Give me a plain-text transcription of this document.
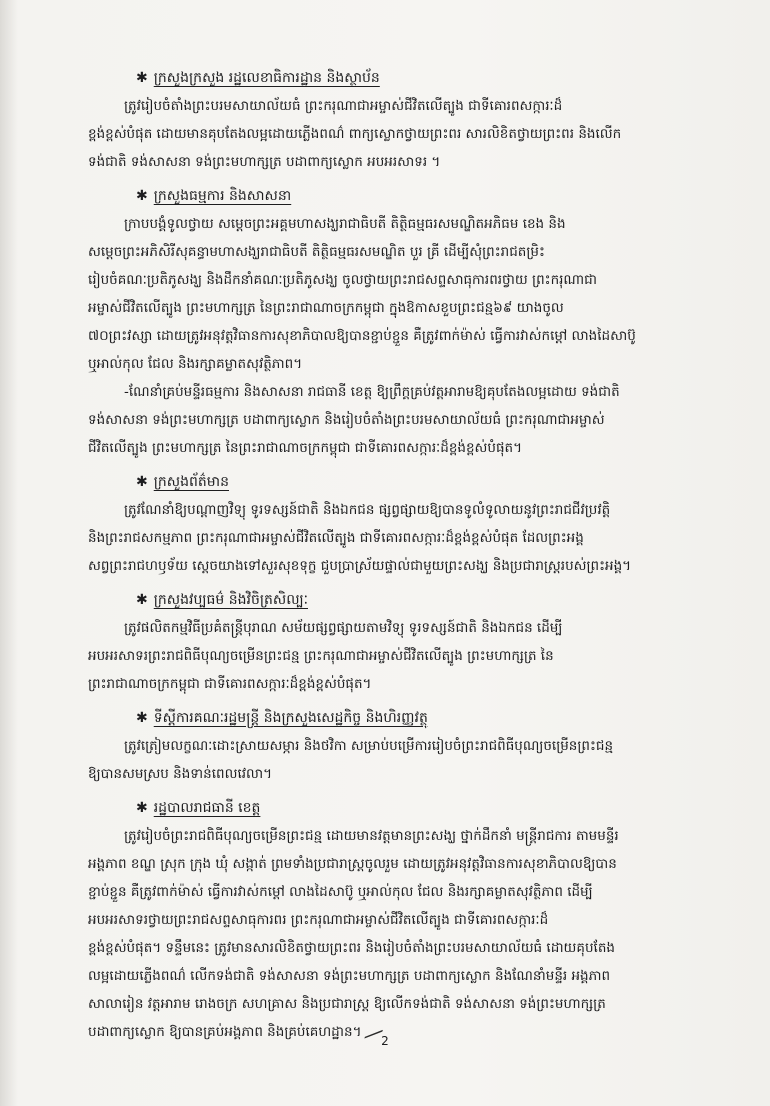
✱ ក្រសួងក្រសួង រដ្ឋលេខាធិការដ្ឋាន និងស្ថាប័ន

ត្រូវរៀបចំតាំងព្រះបរមសាយាល័យធំ ព្រះករុណាជាអម្ចាស់ជីវិតលើត្បូង ជាទីគោរពសក្ការៈដ៏
ខ្ពង់ខ្ពស់បំផុត ដោយមានគុបតែងលម្អដោយភ្លើងពណ៌ ពាក្យស្លោកថ្វាយព្រះពរ សារលិខិតថ្វាយព្រះពរ និងលើក
ទង់ជាតិ ទង់សាសនា ទង់ព្រះមហាក្សត្រ បដាពាក្យស្លោក អបអរសាទរ ។

✱ ក្រសួងធម្មការ និងសាសនា

ក្រាបបង្គំទូលថ្វាយ សម្ដេចព្រះអគ្គមហាសង្ឃរាជាធិបតី តិត្ថិធម្មធរសមណ្ឌិតអភិធម ខេង និង
សម្ដេចព្រះអភិសិរីសុគន្ធាមហាសង្ឃរាជាធិបតី តិត្ថិធម្មធរសមណ្ឌិត បួរ គ្រី ដើម្បីសុំព្រះរាជតម្រិះ
រៀបចំគណៈប្រតិភូសង្ឃ និងដឹកនាំគណៈប្រតិភូសង្ឃ ចូលថ្វាយព្រះរាជសព្ទសាធុការពរថ្វាយ ព្រះករុណាជា
អម្ចាស់ជីវិតលើត្បូង ព្រះមហាក្សត្រ នៃព្រះរាជាណាចក្រកម្ពុជា ក្នុងឱកាសខួបព្រះជន្ម៦៩ យាងចូល
៧០ព្រះវស្សា ដោយត្រូវអនុវត្តវិធានការសុខាភិបាលឱ្យបានខ្ជាប់ខ្ជួន គឺត្រូវពាក់ម៉ាស់ ធ្វើការវាស់កម្ដៅ លាងដៃសាប៊ូ
ឬអាល់កុល ជែល និងរក្សាគម្លាតសុវត្ថិភាព។

-ណែនាំគ្រប់មន្ទីរធម្មការ និងសាសនា រាជធានី ខេត្ត ឱ្យព្រឹក្គគ្រប់វត្តអារាមឱ្យគុបតែងលម្អដោយ ទង់ជាតិ
ទង់សាសនា ទង់ព្រះមហាក្សត្រ បដាពាក្យស្លោក និងរៀបចំតាំងព្រះបរមសាយាល័យធំ ព្រះករុណាជាអម្ចាស់
ជីវិតលើត្បូង ព្រះមហាក្សត្រ នៃព្រះរាជាណាចក្រកម្ពុជា ជាទីគោរពសក្ការៈដ៏ខ្ពង់ខ្ពស់បំផុត។

✱ ក្រសួងព័ត៌មាន

ត្រូវណែនាំឱ្យបណ្ដាញវិទ្យុ ទូរទស្សន៍ជាតិ និងឯកជន ផ្សព្វផ្សាយឱ្យបានទូលំទូលាយនូវព្រះរាជជីវប្រវត្តិ
និងព្រះរាជសកម្មភាព ព្រះករុណាជាអម្ចាស់ជីវិតលើត្បូង ជាទីគោរពសក្ការៈដ៏ខ្ពង់ខ្ពស់បំផុត ដែលព្រះអង្គ
សព្វព្រះរាជហឫទ័យ ស្ដេចយាងទៅសួរសុខទុក្ខ ជួបប្រាស្រ័យផ្ទាល់ជាមួយព្រះសង្ឃ និងប្រជារាស្ត្ររបស់ព្រះអង្គ។

✱ ក្រសួងវប្បធម៌ និងវិចិត្រសិល្បៈ

ត្រូវផលិតកម្មវិធីប្រគំតន្ត្រីបុរាណ សម័យផ្សព្វផ្សាយតាមវិទ្យុ ទូរទស្សន៍ជាតិ និងឯកជន ដើម្បី
អបអរសាទរព្រះរាជពិធីបុណ្យចម្រើនព្រះជន្ម ព្រះករុណាជាអម្ចាស់ជីវិតលើត្បូង ព្រះមហាក្សត្រ នៃ
ព្រះរាជាណាចក្រកម្ពុជា ជាទីគោរពសក្ការៈដ៏ខ្ពង់ខ្ពស់បំផុត។

✱ ទីស្ដីការគណៈរដ្ឋមន្ត្រី និងក្រសួងសេដ្ឋកិច្ច និងហិរញ្ញវត្ថុ

ត្រូវត្រៀមលក្ខណៈដោះស្រាយសម្ភារ និងថវិកា សម្រាប់បម្រើការរៀបចំព្រះរាជពិធីបុណ្យចម្រើនព្រះជន្ម
ឱ្យបានសមស្រប និងទាន់ពេលវេលា។

✱ រដ្ឋបាលរាជធានី ខេត្ត

ត្រូវរៀបចំព្រះរាជពិធីបុណ្យចម្រើនព្រះជន្ម ដោយមានវត្តមានព្រះសង្ឃ ថ្នាក់ដឹកនាំ មន្ត្រីរាជការ តាមមន្ទីរ
អង្គភាព ខណ្ឌ ស្រុក ក្រុង ឃុំ សង្កាត់ ព្រមទាំងប្រជារាស្ត្រចូលរួម ដោយត្រូវអនុវត្តវិធានការសុខាភិបាលឱ្យបាន
ខ្ជាប់ខ្ជួន គឺត្រូវពាក់ម៉ាស់ ធ្វើការវាស់កម្ដៅ លាងដៃសាប៊ូ ឬអាល់កុល ជែល និងរក្សាគម្លាតសុវត្ថិភាព ដើម្បី
អបអរសាទរថ្វាយព្រះរាជសព្ទសាធុការពរ ព្រះករុណាជាអម្ចាស់ជីវិតលើត្បូង ជាទីគោរពសក្ការៈដ៏
ខ្ពង់ខ្ពស់បំផុត។ ទន្ទឹមនេះ ត្រូវមានសារលិខិតថ្វាយព្រះពរ និងរៀបចំតាំងព្រះបរមសាយាល័យធំ ដោយគុបតែង
លម្អដោយភ្លើងពណ៌ លើកទង់ជាតិ ទង់សាសនា ទង់ព្រះមហាក្សត្រ បដាពាក្យស្លោក និងណែនាំមន្ទីរ អង្គភាព
សាលារៀន វត្តអារាម រោងចក្រ សហគ្រាស និងប្រជារាស្ត្រ ឱ្យលើកទង់ជាតិ ទង់សាសនា ទង់ព្រះមហាក្សត្រ
បដាពាក្យស្លោក ឱ្យបានគ្រប់អង្គភាព និងគ្រប់គេហដ្ឋាន។

2
